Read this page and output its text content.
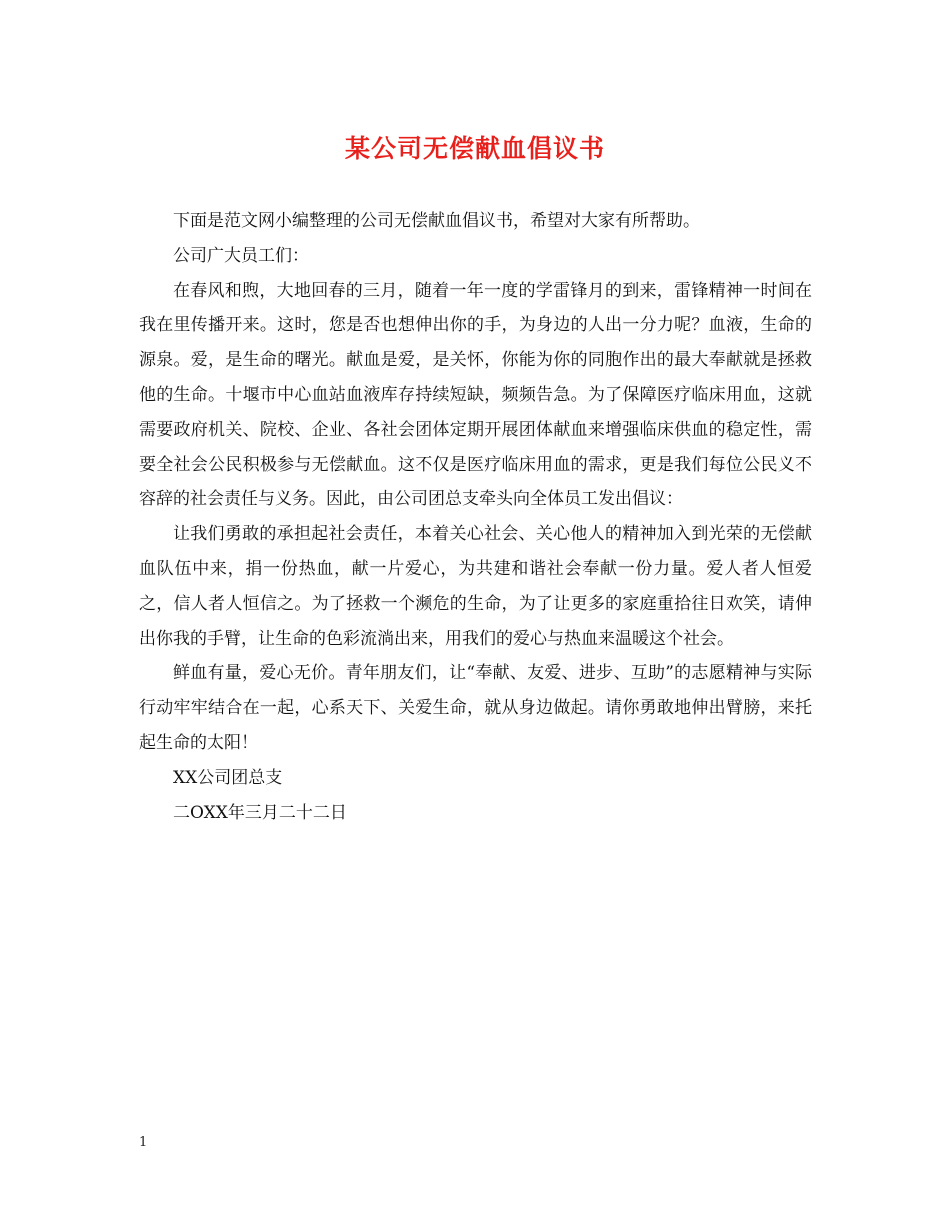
某公司无偿献血倡议书

下面是范文网小编整理的公司无偿献血倡议书，希望对大家有所帮助。

公司广大员工们：

在春风和煦，大地回春的三月，随着一年一度的学雷锋月的到来，雷锋精神一时间在我在里传播开来。这时，您是否也想伸出你的手，为身边的人出一分力呢？血液，生命的源泉。爱，是生命的曙光。献血是爱，是关怀，你能为你的同胞作出的最大奉献就是拯救他的生命。十堰市中心血站血液库存持续短缺，频频告急。为了保障医疗临床用血，这就需要政府机关、院校、企业、各社会团体定期开展团体献血来增强临床供血的稳定性，需要全社会公民积极参与无偿献血。这不仅是医疗临床用血的需求，更是我们每位公民义不容辞的社会责任与义务。因此，由公司团总支牵头向全体员工发出倡议：

让我们勇敢的承担起社会责任，本着关心社会、关心他人的精神加入到光荣的无偿献血队伍中来，捐一份热血，献一片爱心，为共建和谐社会奉献一份力量。爱人者人恒爱之，信人者人恒信之。为了拯救一个濒危的生命，为了让更多的家庭重拾往日欢笑，请伸出你我的手臂，让生命的色彩流淌出来，用我们的爱心与热血来温暖这个社会。

鲜血有量，爱心无价。青年朋友们，让“奉献、友爱、进步、互助”的志愿精神与实际行动牢牢结合在一起，心系天下、关爱生命，就从身边做起。请你勇敢地伸出臂膀，来托起生命的太阳！

XX公司团总支

二OXX年三月二十二日

1
